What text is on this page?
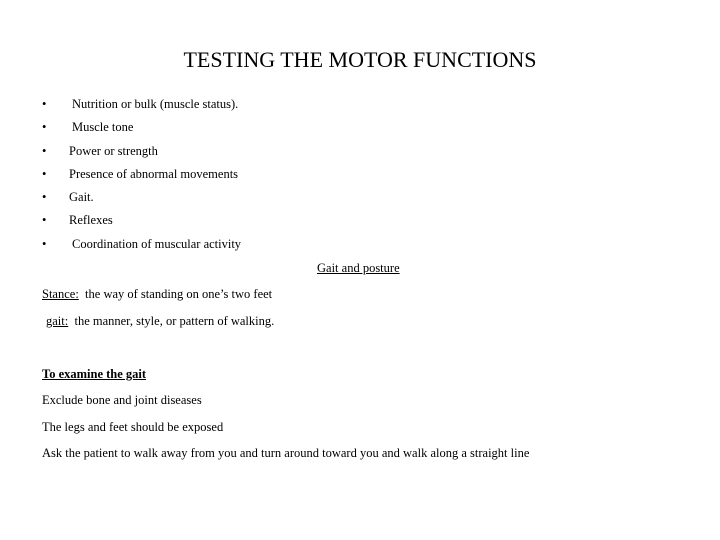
TESTING THE MOTOR FUNCTIONS
• Nutrition or bulk (muscle status).
• Muscle tone
• Power or strength
• Presence of abnormal movements
• Gait.
• Reflexes
• Coordination of muscular activity
Gait and posture
Stance: the way of standing on one’s two feet
gait: the manner, style, or pattern of walking.
To examine the gait
Exclude bone and joint diseases
The legs and feet should be exposed
Ask the patient to walk away from you and turn around toward you and walk along a straight line
